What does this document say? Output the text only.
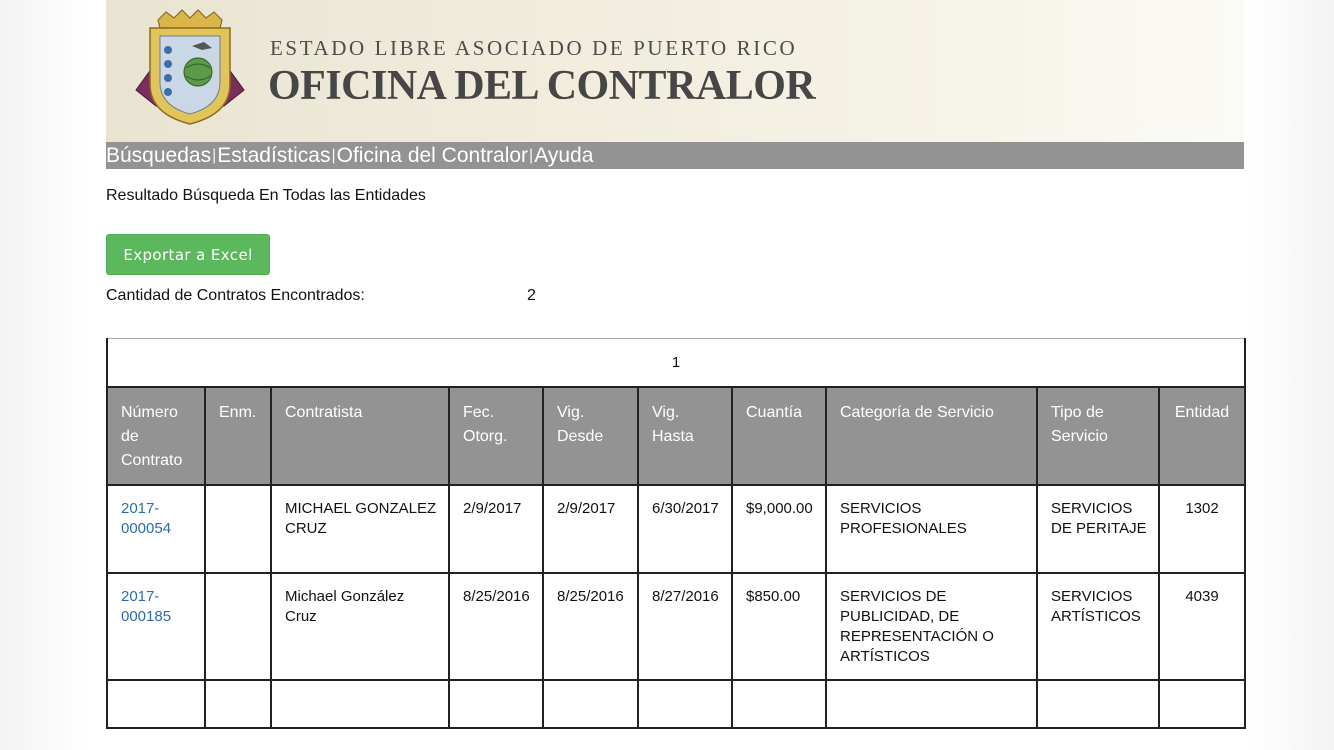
ESTADO LIBRE ASOCIADO DE PUERTO RICO
OFICINA DEL CONTRALOR
Búsquedas | Estadísticas | Oficina del Contralor | Ayuda
Resultado Búsqueda En Todas las Entidades
Exportar a Excel
Cantidad de Contratos Encontrados:	2
1									
Número de Contrato	Enm.	Contratista	Fec. Otorg.	Vig. Desde	Vig. Hasta	Cuantía	Categoría de Servicio	Tipo de Servicio	Entidad
2017-000054		MICHAEL GONZALEZ CRUZ	2/9/2017	2/9/2017	6/30/2017	$9,000.00	SERVICIOS PROFESIONALES	SERVICIOS DE PERITAJE	1302
2017-000185		Michael González Cruz	8/25/2016	8/25/2016	8/27/2016	$850.00	SERVICIOS DE PUBLICIDAD, DE REPRESENTACIÓN O ARTÍSTICOS	SERVICIOS ARTÍSTICOS	4039
